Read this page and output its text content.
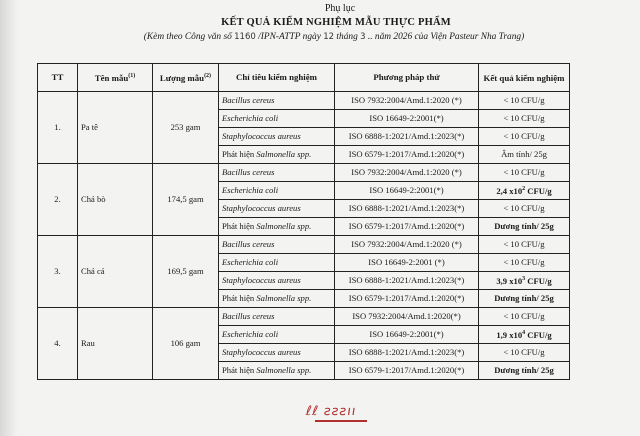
Phụ lục
KẾT QUẢ KIỂM NGHIỆM MẪU THỰC PHẨM
(Kèm theo Công văn số 1160 /IPN-ATTP ngày 12 tháng 3 .. năm 2026 của Viện Pasteur Nha Trang)
TT	Tên mẫu$^{(1)}$	Lượng mẫu$^{(2)}$	Chỉ tiêu kiểm nghiệm	Phương pháp thử	Kết quả kiểm nghiệm
1.	Pa tê	253 gam	Bacillus cereus	ISO 7932:2004/Amd.1:2020 (*)	< 10 CFU/g
			Escherichia coli	ISO 16649-2:2001(*)	< 10 CFU/g
			Staphylococcus aureus	ISO 6888-1:2021/Amd.1:2023(*)	< 10 CFU/g
			Phát hiện Salmonella spp.	ISO 6579-1:2017/Amd.1:2020(*)	Âm tính/ 25g
2.	Chả bò	174,5 gam	Bacillus cereus	ISO 7932:2004/Amd.1:2020 (*)	< 10 CFU/g
			Escherichia coli	ISO 16649-2:2001(*)	2,4 $x10^2$ CFU/g
			Staphylococcus aureus	ISO 6888-1:2021/Amd.1:2023(*)	< 10 CFU/g
			Phát hiện Salmonella spp.	ISO 6579-1:2017/Amd.1:2020(*)	Dương tính/ 25g
3.	Chả cá	169,5 gam	Bacillus cereus	ISO 7932:2004/Amd.1:2020 (*)	< 10 CFU/g
			Escherichia coli	ISO 16649-2:2001 (*)	< 10 CFU/g
			Staphylococcus aureus	ISO 6888-1:2021/Amd.1:2023(*)	3,9 $x10^3$ CFU/g
			Phát hiện Salmonella spp.	ISO 6579-1:2017/Amd.1:2020(*)	Dương tính/ 25g
4.	Rau	106 gam	Bacillus cereus	ISO 7932:2004/Amd.1:2020(*)	< 10 CFU/g
			Escherichia coli	ISO 16649-2:2001(*)	1,9 $x10^4$ CFU/g
			Staphylococcus aureus	ISO 6888-1:2021/Amd.1:2023(*)	< 10 CFU/g
			Phát hiện Salmonella spp.	ISO 6579-1:2017/Amd.1:2020(*)	Dương tính/ 25g
ℓℓ ƨƨƨıı
